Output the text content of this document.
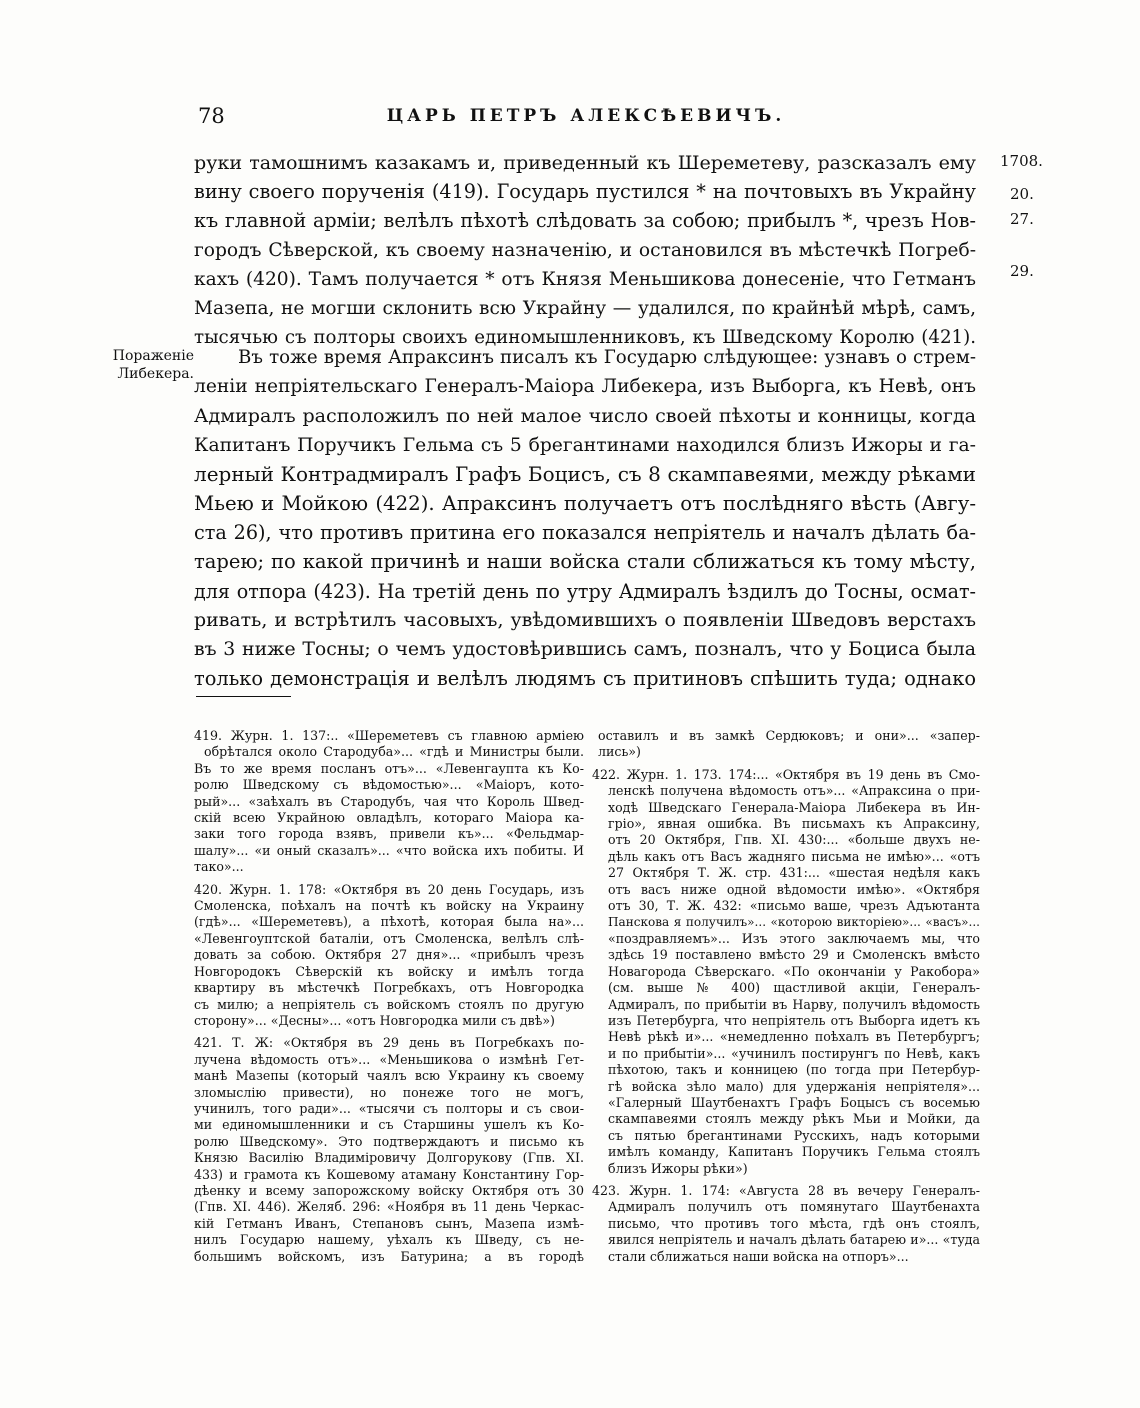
78	ЦАРЬ ПЕТРЪ АЛЕКСѢЕВИЧЪ.
1708.
20.
27.
29.
Пораженіе Либекера.
руки тамошнимъ казакамъ и, приведенный къ Шереметеву, разсказалъ ему
вину своего порученія (419). Государь пустился * на почтовыхъ въ Украйну
къ главной арміи; велѣлъ пѣхотѣ слѣдовать за собою; прибылъ *, чрезъ Нов-
городъ Сѣверской, къ своему назначенію, и остановился въ мѣстечкѣ Погреб-
кахъ (420). Тамъ получается * отъ Князя Меньшикова донесеніе, что Гетманъ
Мазепа, не могши склонить всю Украйну — удалился, по крайнѣй мѣрѣ, самъ,
тысячью съ полторы своихъ единомышленниковъ, къ Шведскому Королю (421).
Въ тоже время Апраксинъ писалъ къ Государю слѣдующее: узнавъ о стрем-
леніи непріятельскаго Генералъ-Маіора Либекера, изъ Выборга, къ Невѣ, онъ
Адмиралъ расположилъ по ней малое число своей пѣхоты и конницы, когда
Капитанъ Поручикъ Гельма съ 5 брегантинами находился близъ Ижоры и га-
лерный Контрадмиралъ Графъ Боцисъ, съ 8 скампавеями, между рѣками
Мьею и Мойкою (422). Апраксинъ получаетъ отъ послѣдняго вѣсть (Авгу-
ста 26), что противъ притина его показался непріятель и началъ дѣлать ба-
тарею; по какой причинѣ и наши войска стали сближаться къ тому мѣсту,
для отпора (423). На третій день по утру Адмиралъ ѣздилъ до Тосны, осмат-
ривать, и встрѣтилъ часовыхъ, увѣдомившихъ о появленіи Шведовъ верстахъ
въ 3 ниже Тосны; о чемъ удостовѣрившись самъ, позналъ, что у Боциса была
только демонстрація и велѣлъ людямъ съ притиновъ спѣшить туда; однако
419. Журн. 1. 137:.. «Шереметевъ съ главною арміею
обрѣтался около Стародуба»... «гдѣ и Министры были.
Въ то же время посланъ отъ»... «Левенгаупта къ Ко-
ролю Шведскому съ вѣдомостью»... «Маіоръ, кото-
рый»... «заѣхалъ въ Стародубъ, чая что Король Швед-
скій всею Украйною овладѣлъ, котораго Маіора ка-
заки того города взявъ, привели къ»... «Фельдмар-
шалу»... «и оный сказалъ»... «что войска ихъ побиты. И тако»...
420. Журн. 1. 178: «Октября въ 20 день Государь, изъ
Смоленска, поѣхалъ на почтѣ къ войску на Украину
(гдѣ»... «Шереметевъ), а пѣхотѣ, которая была на»...
«Левенгоуптской баталіи, отъ Смоленска, велѣлъ слѣ-
довать за собою. Октября 27 дня»... «прибылъ чрезъ
Новгородокъ Сѣверскій къ войску и имѣлъ тогда
квартиру въ мѣстечкѣ Погребкахъ, отъ Новгородка
съ милю; а непріятель съ войскомъ стоялъ по другую
сторону»... «Десны»... «отъ Новгородка мили съ двѣ»)
421. Т. Ж: «Октября въ 29 день въ Погребкахъ по-
лучена вѣдомость отъ»... «Меньшикова о измѣнѣ Гет-
манѣ Мазепы (который чаялъ всю Украину къ своему
зломыслію привести), но понеже того не могъ,
учинилъ, того ради»... «тысячи съ полторы и съ свои-
ми единомышленники и съ Старшины ушелъ къ Ко-
ролю Шведскому». Это подтверждаютъ и письмо къ
Князю Василію Владиміровичу Долгорукову (Гпв. XI.
433) и грамота къ Кошевому атаману Константину Гор-
дѣенку и всему запорожскому войску Октября отъ 30
(Гпв. XI. 446). Желяб. 296: «Ноября въ 11 день Черкас-
кій Гетманъ Иванъ, Степановъ сынъ, Мазепа измѣ-
нилъ Государю нашему, уѣхалъ къ Шведу, съ не-
большимъ войскомъ, изъ Батурина; а въ городѣ
оставилъ и въ замкѣ Сердюковъ; и они»... «запер-
лись»)
422. Журн. 1. 173. 174:... «Октября въ 19 день въ Смо-
ленскѣ получена вѣдомость отъ»... «Апраксина о при-
ходѣ Шведскаго Генерала-Маіора Либекера въ Ин-
гріо», явная ошибка. Въ письмахъ къ Апраксину,
отъ 20 Октября, Гпв. XI. 430:... «больше двухъ не-
дѣль какъ отъ Васъ жадняго письма не имѣю»... «отъ
27 Октября Т. Ж. стр. 431:... «шестая недѣля какъ
отъ васъ ниже одной вѣдомости имѣю». «Октября
отъ 30, Т. Ж. 432: «письмо ваше, чрезъ Адъютанта
Панскова я получилъ»... «которою викторіею»... «васъ»...
«поздравляемъ»... Изъ этого заключаемъ мы, что
здѣсь 19 поставлено вмѣсто 29 и Смоленскъ вмѣсто
Новагорода Сѣверскаго. «По окончаніи у Ракобора»
(см. выше № 400) щастливой акціи, Генералъ-
Адмиралъ, по прибытіи въ Нарву, получилъ вѣдомость
изъ Петербурга, что непріятель отъ Выборга идетъ къ
Невѣ рѣкѣ и»... «немедленно поѣхалъ въ Петербургъ;
и по прибытіи»... «учинилъ постирунгъ по Невѣ, какъ
пѣхотою, такъ и конницею (по тогда при Петербур-
гѣ войска зѣло мало) для удержанія непріятеля»...
«Галерный Шаутбенахтъ Графъ Боцысъ съ восемью
скампавеями стоялъ между рѣкъ Мьи и Мойки, да
съ пятью брегантинами Русскихъ, надъ которыми
имѣлъ команду, Капитанъ Поручикъ Гельма стоялъ
близъ Ижоры рѣки»)
423. Журн. 1. 174: «Августа 28 въ вечеру Генералъ-
Адмиралъ получилъ отъ помянутаго Шаутбенахта
письмо, что противъ того мѣста, гдѣ онъ стоялъ,
явился непріятель и началъ дѣлать батарею и»... «туда
стали сближаться наши войска на отпоръ»...
